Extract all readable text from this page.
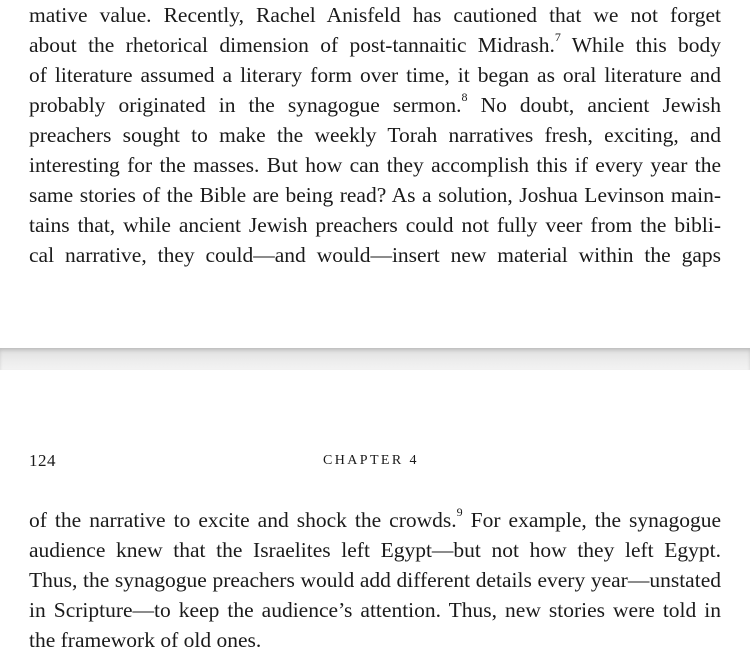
mative value. Recently, Rachel Anisfeld has cautioned that we not forget
about the rhetorical dimension of post-tannaitic Midrash.$^7$ While this body
of literature assumed a literary form over time, it began as oral literature and
probably originated in the synagogue sermon.$^8$ No doubt, ancient Jewish
preachers sought to make the weekly Torah narratives fresh, exciting, and
interesting for the masses. But how can they accomplish this if every year the
same stories of the Bible are being read? As a solution, Joshua Levinson main-
tains that, while ancient Jewish preachers could not fully veer from the bibli-
cal narrative, they could—and would—insert new material within the gaps
124	CHAPTER 4
of the narrative to excite and shock the crowds.$^9$ For example, the synagogue
audience knew that the Israelites left Egypt—but not how they left Egypt.
Thus, the synagogue preachers would add different details every year—unstated
in Scripture—to keep the audience’s attention. Thus, new stories were told in
the framework of old ones.
